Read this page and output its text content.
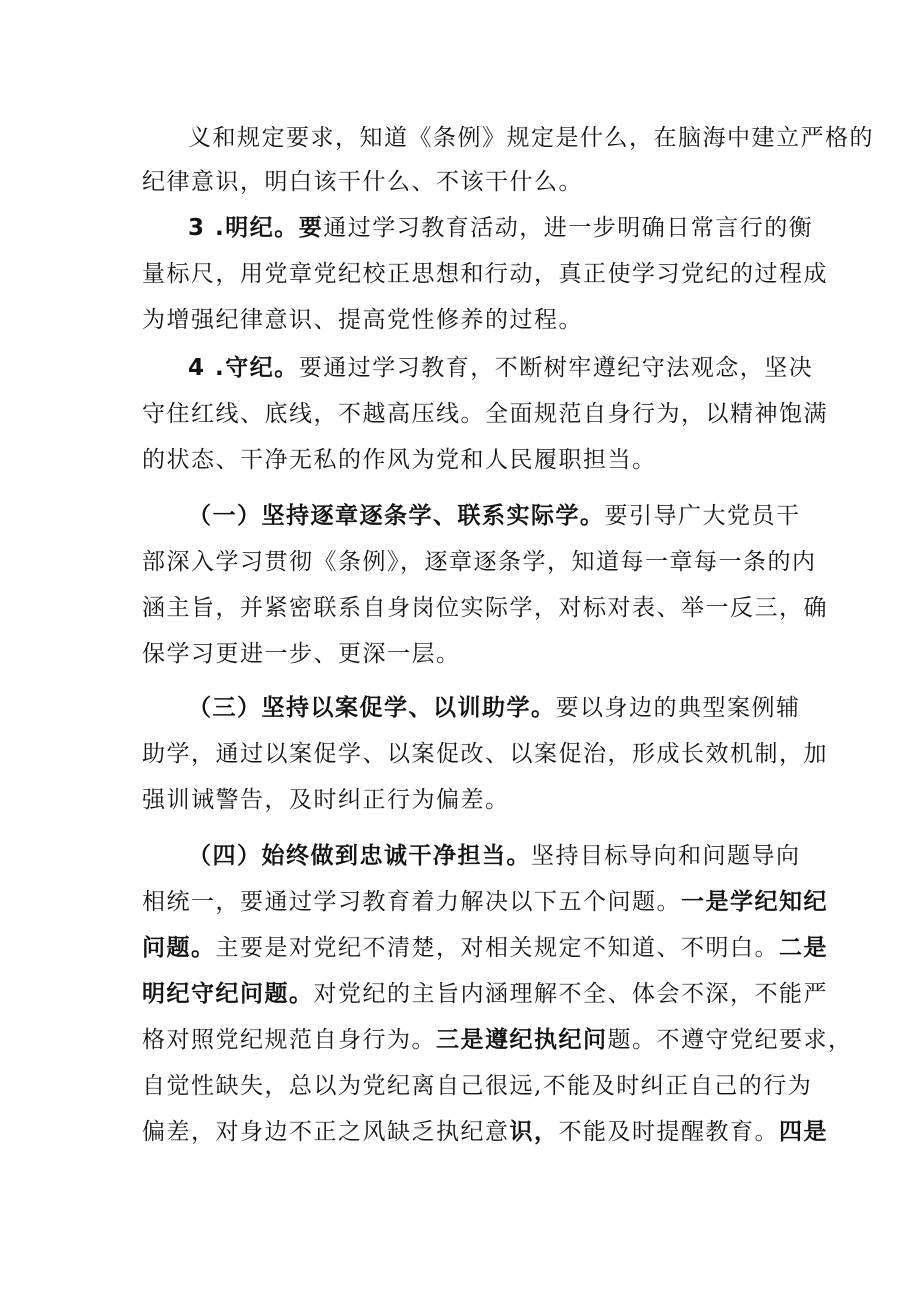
义和规定要求，知道《条例》规定是什么，在脑海中建立严格的
纪律意识，明白该干什么、不该干什么。
3 .明纪。要通过学习教育活动，进一步明确日常言行的衡
量标尺，用党章党纪校正思想和行动，真正使学习党纪的过程成
为增强纪律意识、提高党性修养的过程。
4 .守纪。要通过学习教育，不断树牢遵纪守法观念，坚决
守住红线、底线，不越高压线。全面规范自身行为，以精神饱满
的状态、干净无私的作风为党和人民履职担当。
（一）坚持逐章逐条学、联系实际学。要引导广大党员干
部深入学习贯彻《条例》，逐章逐条学，知道每一章每一条的内
涵主旨，并紧密联系自身岗位实际学，对标对表、举一反三，确
保学习更进一步、更深一层。
（三）坚持以案促学、以训助学。要以身边的典型案例辅
助学，通过以案促学、以案促改、以案促治，形成长效机制，加
强训诫警告，及时纠正行为偏差。
（四）始终做到忠诚干净担当。坚持目标导向和问题导向
相统一，要通过学习教育着力解决以下五个问题。一是学纪知纪
问题。主要是对党纪不清楚，对相关规定不知道、不明白。二是
明纪守纪问题。对党纪的主旨内涵理解不全、体会不深，不能严
格对照党纪规范自身行为。三是遵纪执纪问题。不遵守党纪要求，
自觉性缺失，总以为党纪离自己很远,不能及时纠正自己的行为
偏差，对身边不正之风缺乏执纪意识，不能及时提醒教育。四是
